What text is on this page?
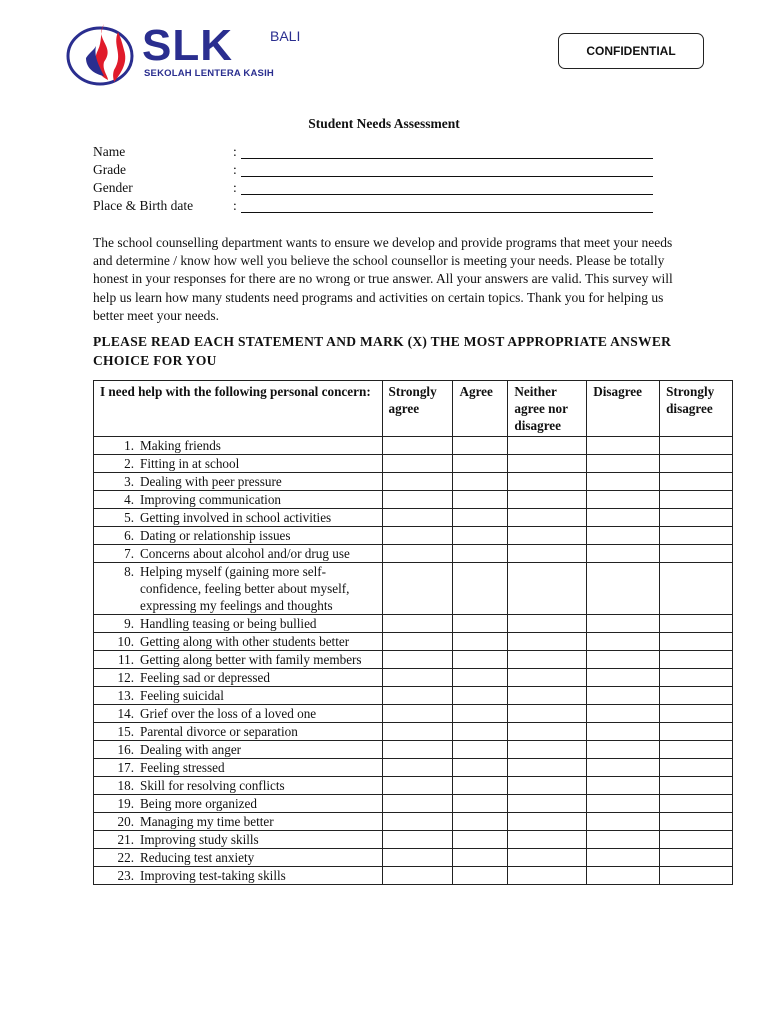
SLK	BALI
SEKOLAH LENTERA KASIH
CONFIDENTIAL
Student Needs Assessment
Name	:
Grade	:
Gender	:
Place & Birth date	:
The school counselling department wants to ensure we develop and provide programs that meet your needs and determine / know how well you believe the school counsellor is meeting your needs. Please be totally honest in your responses for there are no wrong or true answer. All your answers are valid. This survey will help us learn how many students need programs and activities on certain topics. Thank you for helping us better meet your needs.
PLEASE READ EACH STATEMENT AND MARK (X) THE MOST APPROPRIATE ANSWER CHOICE FOR YOU
I need help with the following personal concern:	Strongly agree	Agree	Neither agree nor disagree	Disagree	Strongly disagree
1. Making friends					
2. Fitting in at school					
3. Dealing with peer pressure					
4. Improving communication					
5. Getting involved in school activities					
6. Dating or relationship issues					
7. Concerns about alcohol and/or drug use					
8. Helping myself (gaining more self-confidence, feeling better about myself, expressing my feelings and thoughts					
9. Handling teasing or being bullied					
10. Getting along with other students better					
11. Getting along better with family members					
12. Feeling sad or depressed					
13. Feeling suicidal					
14. Grief over the loss of a loved one					
15. Parental divorce or separation					
16. Dealing with anger					
17. Feeling stressed					
18. Skill for resolving conflicts					
19. Being more organized					
20. Managing my time better					
21. Improving study skills					
22. Reducing test anxiety					
23. Improving test-taking skills					
